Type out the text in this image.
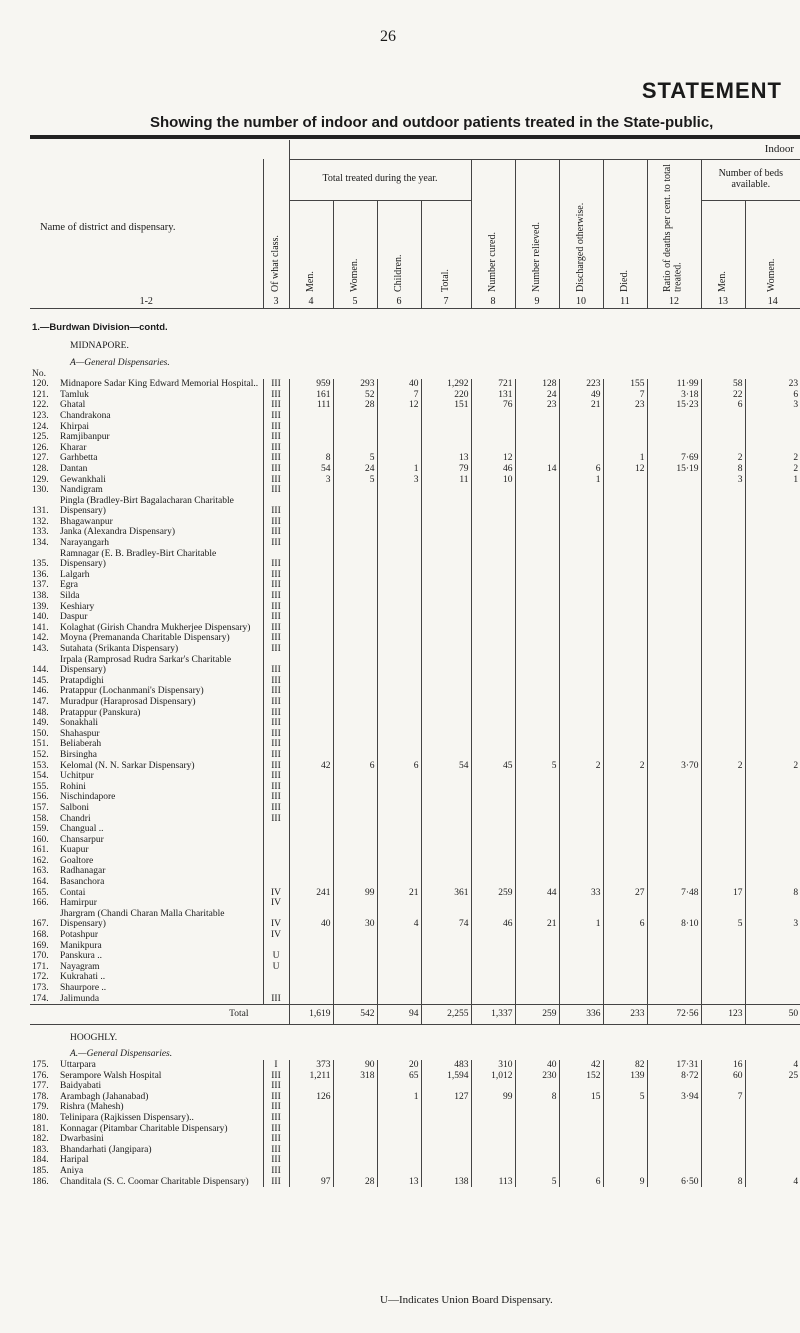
26
STATEMENT
Showing the number of indoor and outdoor patients treated in the State-public,
			Indoor										
Name of district and dispensary.		Of what class.	Total treated during the year.				Number cured.	Number relieved.	Discharged otherwise.	Died.	Ratio of deaths per cent. to total treated.	Number of beds available.	
			Men.	Women.	Children.	Total.						Men.	Women.
1-2		3	4	5	6	7	8	9	10	11	12	13	14
1.—Burdwan Division—contd.													
MIDNAPORE.													
A—General Dispensaries.													
No.													
120.	Midnapore Sadar King Edward Memorial Hospital..	III	959	293	40	1,292	721	128	223	155	11·99	58	23
121.	Tamluk	III	161	52	7	220	131	24	49	7	3·18	22	6
122.	Ghatal	III	111	28	12	151	76	23	21	23	15·23	6	3
123.	Chandrakona	III											
124.	Khirpai	III											
125.	Ramjibanpur	III											
126.	Kharar	III											
127.	Garhbetta	III	8	5		13	12			1	7·69	2	2
128.	Dantan	III	54	24	1	79	46	14	6	12	15·19	8	2
129.	Gewankhali	III	3	5	3	11	10		1			3	1
130.	Nandigram	III											
131.	Pingla (Bradley-Birt Bagalacharan Charitable Dispensary)	III											
132.	Bhagawanpur	III											
133.	Janka (Alexandra Dispensary)	III											
134.	Narayangarh	III											
135.	Ramnagar (E. B. Bradley-Birt Charitable Dispensary)	III											
136.	Lalgarh	III											
137.	Egra	III											
138.	Silda	III											
139.	Keshiary	III											
140.	Daspur	III											
141.	Kolaghat (Girish Chandra Mukherjee Dispensary)	III											
142.	Moyna (Premananda Charitable Dispensary)	III											
143.	Sutahata (Srikanta Dispensary)	III											
144.	Irpala (Ramprosad Rudra Sarkar's Charitable Dispensary)	III											
145.	Pratapdighi	III											
146.	Pratappur (Lochanmani's Dispensary)	III											
147.	Muradpur (Haraprosad Dispensary)	III											
148.	Pratappur (Panskura)	III											
149.	Sonakhali	III											
150.	Shahaspur	III											
151.	Beliaberah	III											
152.	Birsingha	III											
153.	Kelomal (N. N. Sarkar Dispensary)	III	42	6	6	54	45	5	2	2	3·70	2	2
154.	Uchitpur	III											
155.	Rohini	III											
156.	Nischindapore	III											
157.	Salboni	III											
158.	Chandri	III											
159.	Changual ..												
160.	Chansarpur												
161.	Kuapur												
162.	Goaltore												
163.	Radhanagar												
164.	Basanchora												
165.	Contai	IV	241	99	21	361	259	44	33	27	7·48	17	8
166.	Hamirpur	IV											
167.	Jhargram (Chandi Charan Malla Charitable Dispensary)	IV	40	30	4	74	46	21	1	6	8·10	5	3
168.	Potashpur	IV											
169.	Manikpura												
170.	Panskura ..	U											
171.	Nayagram	U											
172.	Kukrahati ..												
173.	Shaurpore ..												
174.	Jalimunda	III											
Total			1,619	542	94	2,255	1,337	259	336	233	72·56	123	50
HOOGHLY.													
A.—General Dispensaries.													
175.	Uttarpara	I	373	90	20	483	310	40	42	82	17·31	16	4
176.	Serampore Walsh Hospital	III	1,211	318	65	1,594	1,012	230	152	139	8·72	60	25
177.	Baidyabati	III											
178.	Arambagh (Jahanabad)	III	126		1	127	99	8	15	5	3·94	7	
179.	Rishra (Mahesh)	III											
180.	Telinipara (Rajkissen Dispensary)..	III											
181.	Konnagar (Pitambar Charitable Dispensary)	III											
182.	Dwarbasini	III											
183.	Bhandarhati (Jangipara)	III											
184.	Haripal	III											
185.	Aniya	III											
186.	Chanditala (S. C. Coomar Charitable Dispensary)	III	97	28	13	138	113	5	6	9	6·50	8	4
U—Indicates Union Board Dispensary.
